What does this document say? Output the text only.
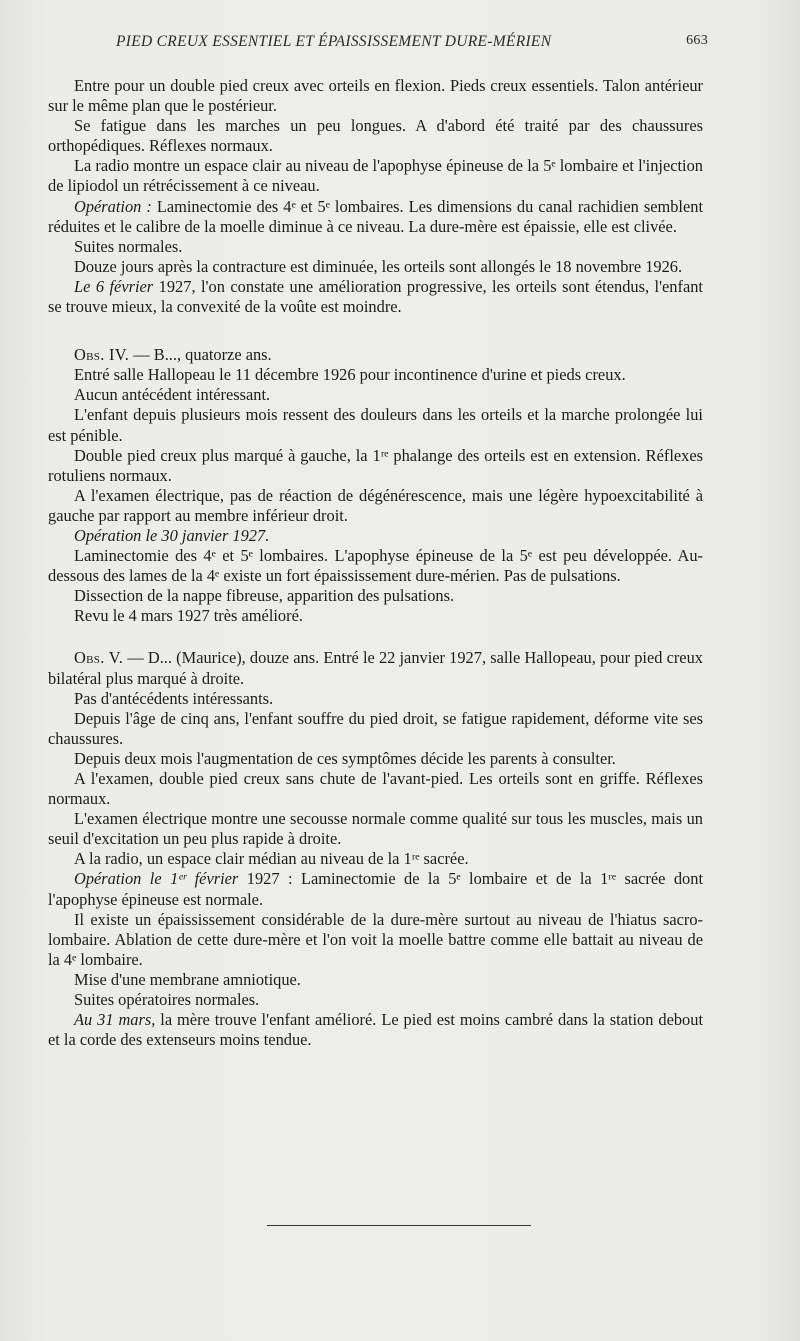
PIED CREUX ESSENTIEL ET ÉPAISSISSEMENT DURE-MÉRIEN	663

Entre pour un double pied creux avec orteils en flexion. Pieds creux essentiels. Talon antérieur sur le même plan que le postérieur.

Se fatigue dans les marches un peu longues. A d'abord été traité par des chaussures orthopédiques. Réflexes normaux.

La radio montre un espace clair au niveau de l'apophyse épineuse de la 5ᵉ lombaire et l'injection de lipiodol un rétrécissement à ce niveau.

Opération : Laminectomie des 4ᵉ et 5ᵉ lombaires. Les dimensions du canal rachidien semblent réduites et le calibre de la moelle diminue à ce niveau. La dure-mère est épaissie, elle est clivée.

Suites normales.

Douze jours après la contracture est diminuée, les orteils sont allongés le 18 novembre 1926.

Le 6 février 1927, l'on constate une amélioration progressive, les orteils sont étendus, l'enfant se trouve mieux, la convexité de la voûte est moindre.

Obs. IV. — B..., quatorze ans.

Entré salle Hallopeau le 11 décembre 1926 pour incontinence d'urine et pieds creux.

Aucun antécédent intéressant.

L'enfant depuis plusieurs mois ressent des douleurs dans les orteils et la marche prolongée lui est pénible.

Double pied creux plus marqué à gauche, la 1ʳᵉ phalange des orteils est en extension. Réflexes rotuliens normaux.

A l'examen électrique, pas de réaction de dégénérescence, mais une légère hypoexcitabilité à gauche par rapport au membre inférieur droit.

Opération le 30 janvier 1927.

Laminectomie des 4ᵉ et 5ᵉ lombaires. L'apophyse épineuse de la 5ᵉ est peu développée. Au-dessous des lames de la 4ᵉ existe un fort épaississement dure-mérien. Pas de pulsations.

Dissection de la nappe fibreuse, apparition des pulsations.

Revu le 4 mars 1927 très amélioré.

Obs. V. — D... (Maurice), douze ans. Entré le 22 janvier 1927, salle Hallopeau, pour pied creux bilatéral plus marqué à droite.

Pas d'antécédents intéressants.

Depuis l'âge de cinq ans, l'enfant souffre du pied droit, se fatigue rapidement, déforme vite ses chaussures.

Depuis deux mois l'augmentation de ces symptômes décide les parents à consulter.

A l'examen, double pied creux sans chute de l'avant-pied. Les orteils sont en griffe. Réflexes normaux.

L'examen électrique montre une secousse normale comme qualité sur tous les muscles, mais un seuil d'excitation un peu plus rapide à droite.

A la radio, un espace clair médian au niveau de la 1ʳᵉ sacrée.

Opération le 1ᵉʳ février 1927 : Laminectomie de la 5ᵉ lombaire et de la 1ʳᵉ sacrée dont l'apophyse épineuse est normale.

Il existe un épaississement considérable de la dure-mère surtout au niveau de l'hiatus sacro-lombaire. Ablation de cette dure-mère et l'on voit la moelle battre comme elle battait au niveau de la 4ᵉ lombaire.

Mise d'une membrane amniotique.

Suites opératoires normales.

Au 31 mars, la mère trouve l'enfant amélioré. Le pied est moins cambré dans la station debout et la corde des extenseurs moins tendue.
